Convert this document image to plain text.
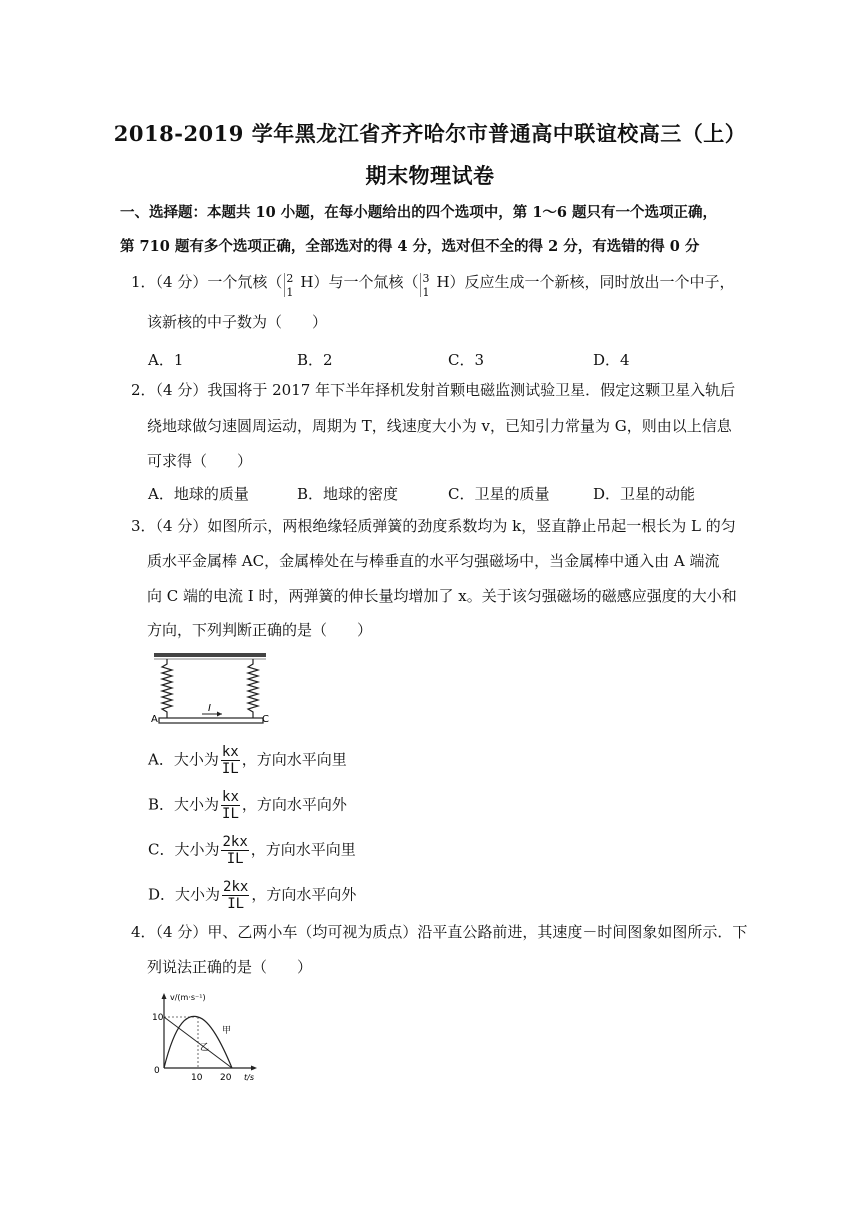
2018-2019 学年黑龙江省齐齐哈尔市普通高中联谊校高三（上）
期末物理试卷
一、选择题：本题共 10 小题，在每小题给出的四个选项中，第 1～6 题只有一个选项正确，
第 710 题有多个选项正确，全部选对的得 4 分，选对但不全的得 2 分，有选错的得 0 分
1．（4 分）一个氘核（ 2
1
H）与一个氚核（ 3
1
H）反应生成一个新核，同时放出一个中子，
该新核的中子数为（　　）
A．1	B．2	C．3	D．4
2．（4 分）我国将于 2017 年下半年择机发射首颗电磁监测试验卫星．假定这颗卫星入轨后
绕地球做匀速圆周运动，周期为 T，线速度大小为 v，已知引力常量为 G，则由以上信息
可求得（　　）
A．地球的质量	B．地球的密度	C．卫星的质量	D．卫星的动能
3．（4 分）如图所示，两根绝缘轻质弹簧的劲度系数均为 k，竖直静止吊起一根长为 L 的匀
质水平金属棒 AC，金属棒处在与棒垂直的水平匀强磁场中，当金属棒中通入由 A 端流
向 C 端的电流 I 时，两弹簧的伸长量均增加了 x。关于该匀强磁场的磁感应强度的大小和
方向，下列判断正确的是（　　）
I
A	C
A．大小为 $\frac{kx}{IL}$ ，方向水平向里
B．大小为 $\frac{kx}{IL}$ ，方向水平向外
C．大小为 $\frac{2kx}{IL}$ ，方向水平向里
D．大小为 $\frac{2kx}{IL}$ ，方向水平向外
4．（4 分）甲、乙两小车（均可视为质点）沿平直公路前进，其速度－时间图象如图所示．下
列说法正确的是（　　）
v/(m·s⁻¹)
t/s
10
0
10 20
甲
乙
